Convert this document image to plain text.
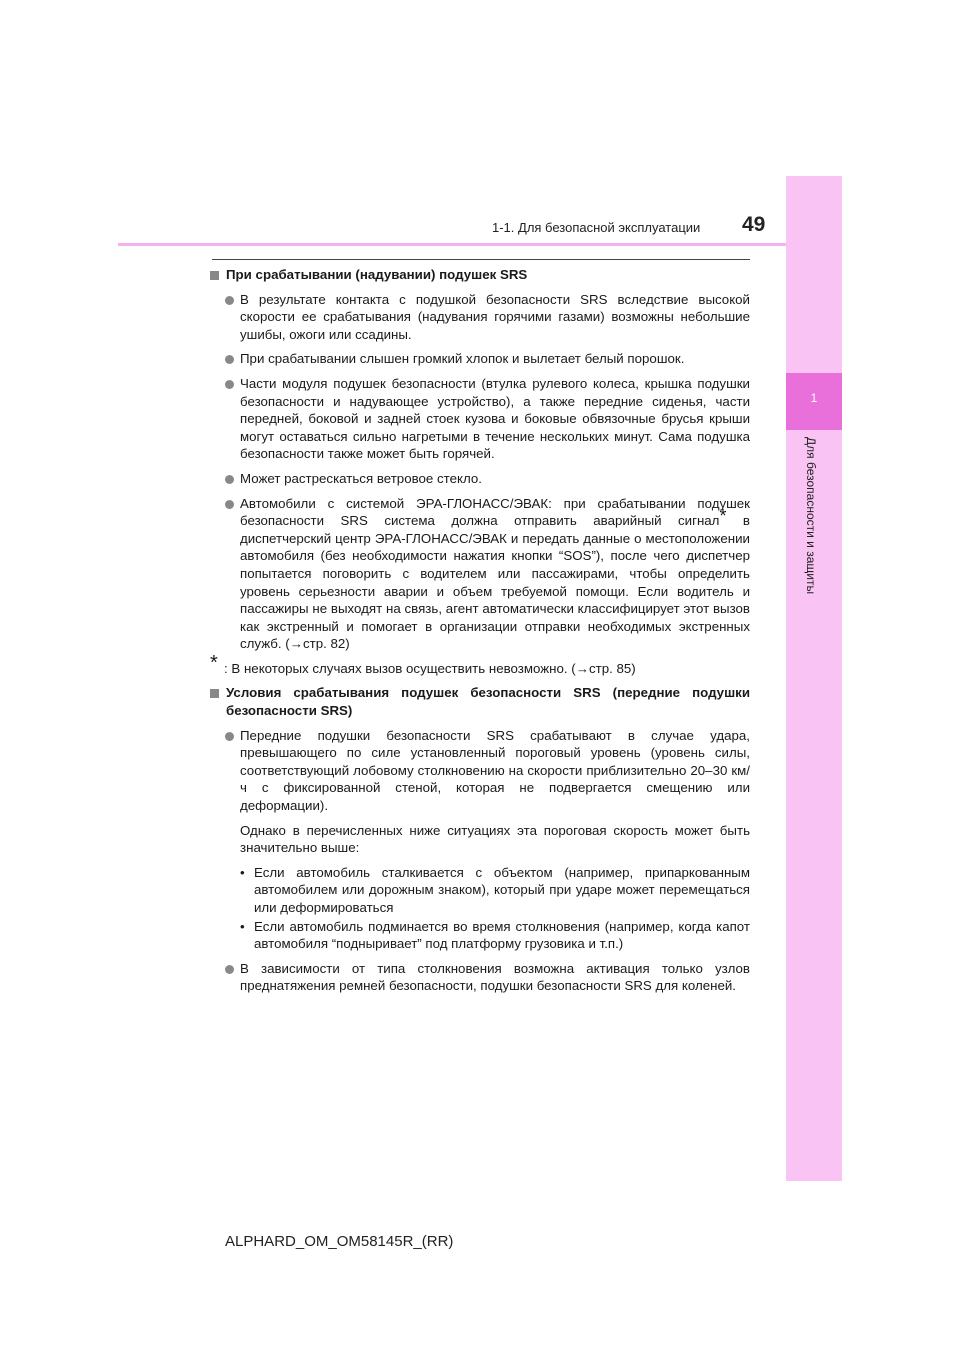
1-1. Для безопасной эксплуатации 49
1
Для безопасности и защиты
При срабатывании (надувании) подушек SRS
В результате контакта с подушкой безопасности SRS вследствие высокой скорости ее срабатывания (надувания горячими газами) возможны небольшие ушибы, ожоги или ссадины.
При срабатывании слышен громкий хлопок и вылетает белый порошок.
Части модуля подушек безопасности (втулка рулевого колеса, крышка подушки безопасности и надувающее устройство), а также передние сиденья, части передней, боковой и задней стоек кузова и боковые обвязочные брусья крыши могут оставаться сильно нагретыми в течение нескольких минут. Сама подушка безопасности также может быть горячей.
Может растрескаться ветровое стекло.
Автомобили с системой ЭРА-ГЛОНАСС/ЭВАК: при срабатывании подушек безопасности SRS система должна отправить аварийный сигнал* в диспетчерский центр ЭРА-ГЛОНАСС/ЭВАК и передать данные о местоположении автомобиля (без необходимости нажатия кнопки “SOS”), после чего диспетчер попытается поговорить с водителем или пассажирами, чтобы определить уровень серьезности аварии и объем требуемой помощи. Если водитель и пассажиры не выходят на связь, агент автоматически классифицирует этот вызов как экстренный и помогает в организации отправки необходимых экстренных служб. (→стр. 82)
* : В некоторых случаях вызов осуществить невозможно. (→стр. 85)
Условия срабатывания подушек безопасности SRS (передние подушки безопасности SRS)
Передние подушки безопасности SRS срабатывают в случае удара, превышающего по силе установленный пороговый уровень (уровень силы, соответствующий лобовому столкновению на скорости приблизительно 20–30 км/ч с фиксированной стеной, которая не подвергается смещению или деформации).
Однако в перечисленных ниже ситуациях эта пороговая скорость может быть значительно выше:
• Если автомобиль сталкивается с объектом (например, припаркованным автомобилем или дорожным знаком), который при ударе может перемещаться или деформироваться
• Если автомобиль подминается во время столкновения (например, когда капот автомобиля “подныривает” под платформу грузовика и т.п.)
В зависимости от типа столкновения возможна активация только узлов преднатяжения ремней безопасности, подушки безопасности SRS для коленей.
ALPHARD_OM_OM58145R_(RR)
